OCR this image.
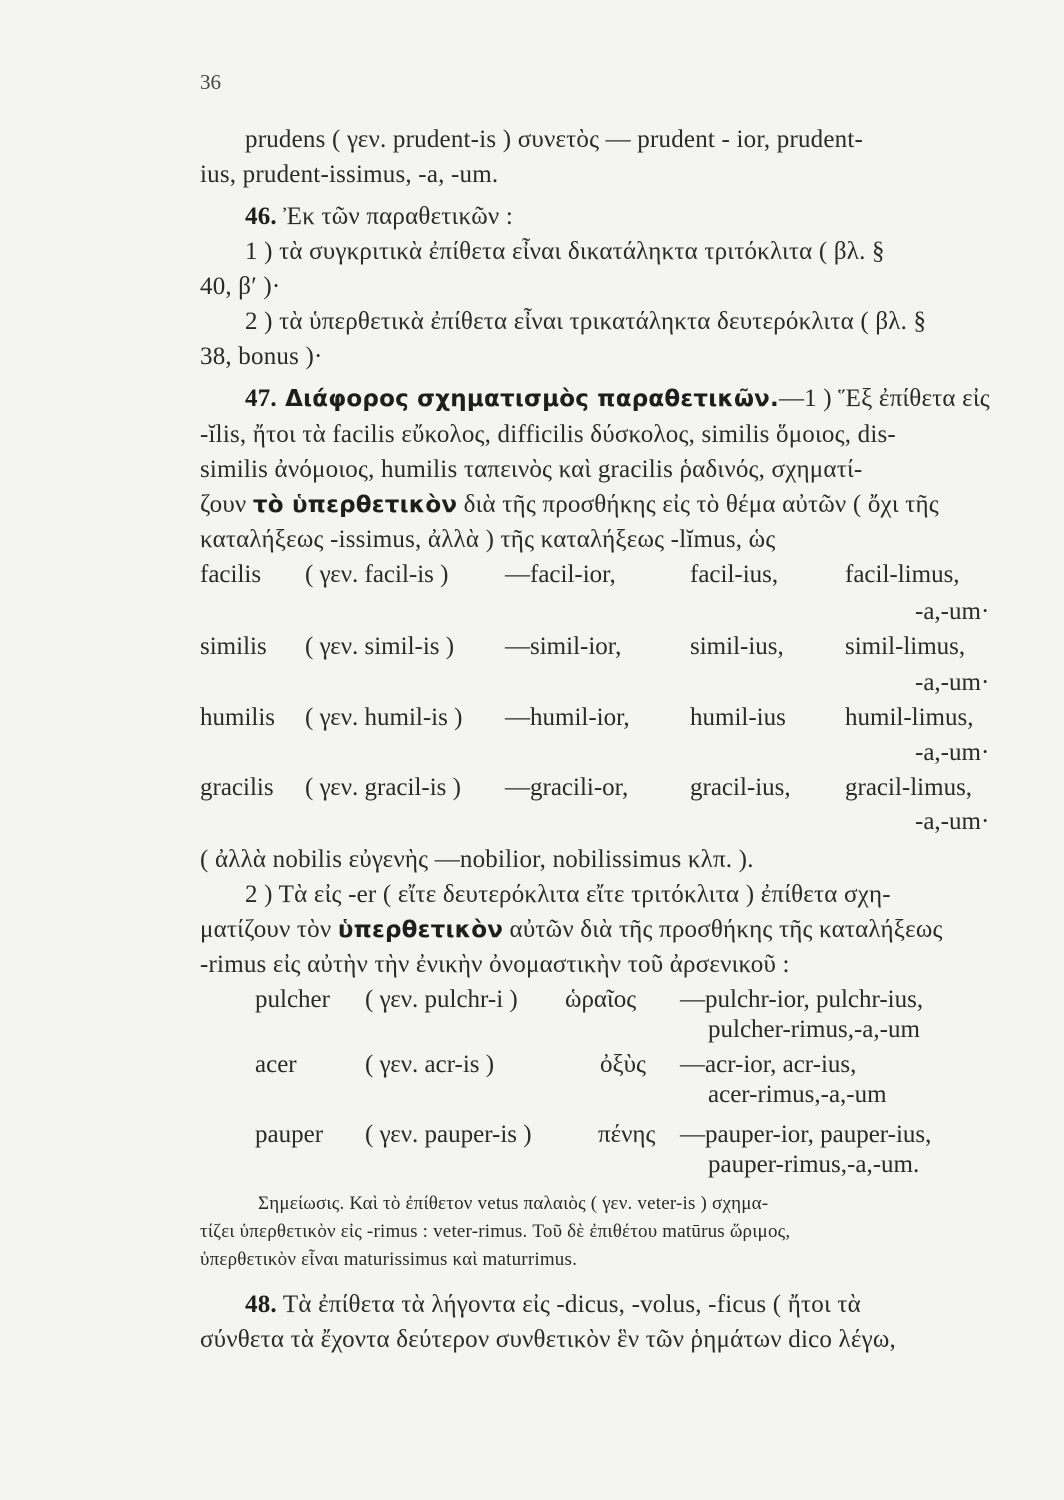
36
prudens ( γεν. prudent-is ) συνετὸς — prudent - ior, prudent-
ius, prudent-issimus, -a, -um.
46. Ἐκ τῶν παραθετικῶν :
1 ) τὰ συγκριτικὰ ἐπίθετα εἶναι δικατάληκτα τριτόκλιτα ( βλ. §
40, β′ )·
2 ) τὰ ὑπερθετικὰ ἐπίθετα εἶναι τρικατάληκτα δευτερόκλιτα ( βλ. §
38, bonus )·
47. Διάφορος σχηματισμὸς παραθετικῶν.—1 ) Ἕξ ἐπίθετα εἰς
-ĭlis, ἤτοι τὰ facilis εὔκολος, difficilis δύσκολος, similis ὅμοιος, dis-
similis ἀνόμοιος, humilis ταπεινὸς καὶ gracilis ῥαδινός, σχηματί-
ζουν τὸ ὑπερθετικὸν διὰ τῆς προσθήκης εἰς τὸ θέμα αὐτῶν ( ὄχι τῆς
καταλήξεως -issimus, ἀλλὰ ) τῆς καταλήξεως -lĭmus, ὡς
facilis ( γεν. facil-is ) —facil-ior,	facil-ius,	facil-limus,
-a,-um·
similis ( γεν. simil-is ) —simil-ior,	simil-ius, simil-limus,
-a,-um·
humilis ( γεν. humil-is ) —humil-ior, humil-ius humil-limus,
-a,-um·
gracilis ( γεν. gracil-is ) —gracili-or, gracil-ius, gracil-limus,
-a,-um·
( ἀλλὰ nobilis εὐγενὴς —nobilior, nobilissimus κλπ. ).
2 ) Τὰ εἰς -er ( εἴτε δευτερόκλιτα εἴτε τριτόκλιτα ) ἐπίθετα σχη-
ματίζουν τὸν ὑπερθετικὸν αὐτῶν διὰ τῆς προσθήκης τῆς καταλήξεως
-rimus εἰς αὐτὴν τὴν ἐνικὴν ὀνομαστικὴν τοῦ ἀρσενικοῦ :
pulcher ( γεν. pulchr-i ) ὡραῖος —pulchr-ior, pulchr-ius,
pulcher-rimus,-a,-um
acer	( γεν. acr-is )	ὀξὺς —acr-ior, acr-ius,
acer-rimus,-a,-um
pauper ( γεν. pauper-is )	πένης —pauper-ior, pauper-ius,
pauper-rimus,-a,-um.
Σημείωσις. Καὶ τὸ ἐπίθετον vetus παλαιὸς ( γεν. veter-is ) σχημα-
τίζει ὑπερθετικὸν εἰς -rimus : veter-rimus. Τοῦ δὲ ἐπιθέτου matūrus ὥριμος,
ὑπερθετικὸν εἶναι maturissimus καὶ maturrimus.
48. Τὰ ἐπίθετα τὰ λήγοντα εἰς -dicus, -volus, -ficus ( ἤτοι τὰ
σύνθετα τὰ ἔχοντα δεύτερον συνθετικὸν ἓν τῶν ῥημάτων dico λέγω,
